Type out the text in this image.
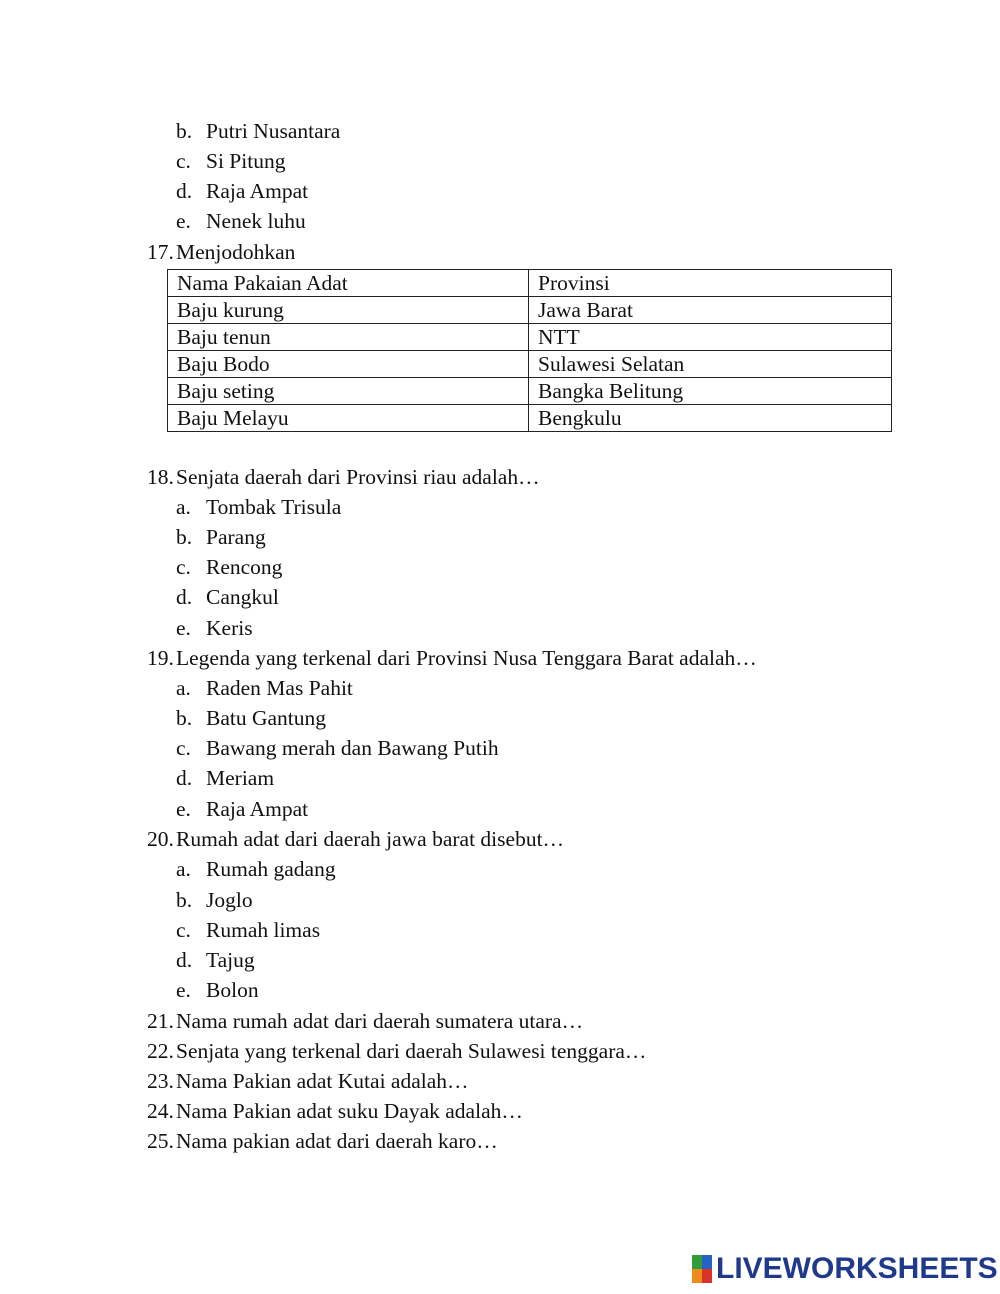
b. Putri Nusantara
c. Si Pitung
d. Raja Ampat
e. Nenek luhu
17. Menjodohkan
Nama Pakaian Adat	Provinsi
Baju kurung	Jawa Barat
Baju tenun	NTT
Baju Bodo	Sulawesi Selatan
Baju seting	Bangka Belitung
Baju Melayu	Bengkulu
18. Senjata daerah dari Provinsi riau adalah…
a. Tombak Trisula
b. Parang
c. Rencong
d. Cangkul
e. Keris
19. Legenda yang terkenal dari Provinsi Nusa Tenggara Barat adalah…
a. Raden Mas Pahit
b. Batu Gantung
c. Bawang merah dan Bawang Putih
d. Meriam
e. Raja Ampat
20. Rumah adat dari daerah jawa barat disebut…
a. Rumah gadang
b. Joglo
c. Rumah limas
d. Tajug
e. Bolon
21. Nama rumah adat dari daerah sumatera utara…
22. Senjata yang terkenal dari daerah Sulawesi tenggara…
23. Nama Pakian adat Kutai adalah…
24. Nama Pakian adat suku Dayak adalah…
25. Nama pakian adat dari daerah karo…
LIVEWORKSHEETS
